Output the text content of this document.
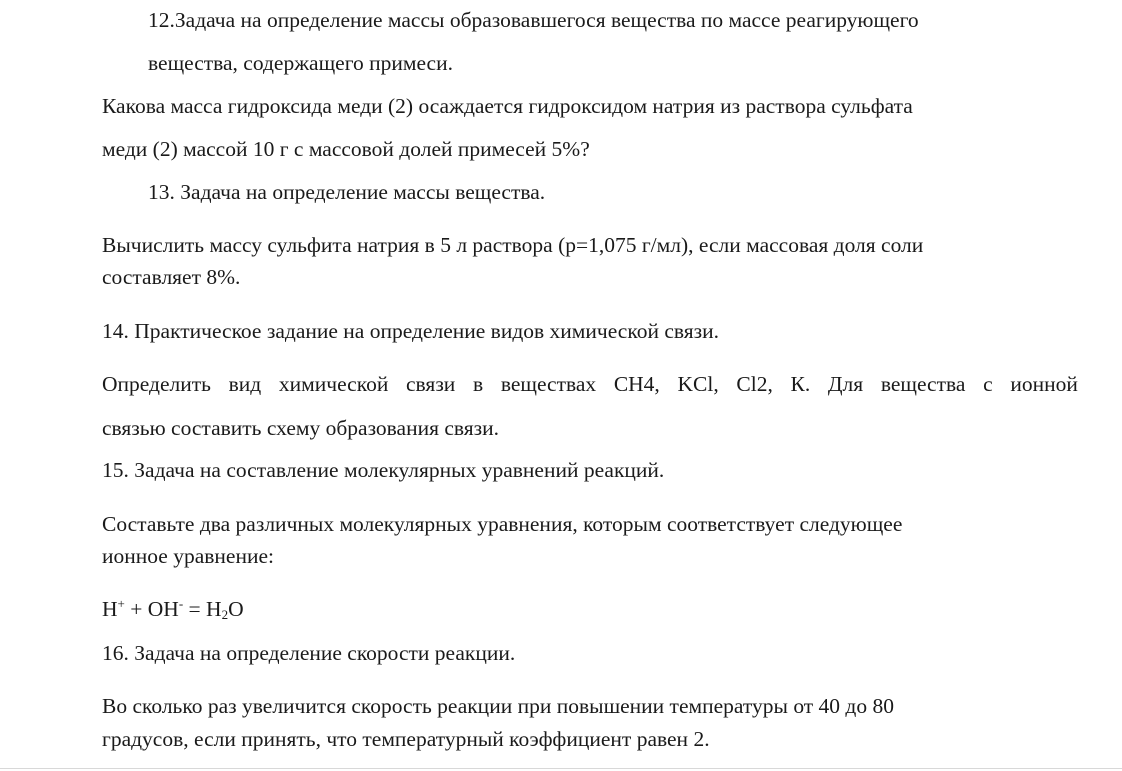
12.Задача на определение массы образовавшегося вещества по массе реагирующего

вещества, содержащего примеси.

Какова масса гидроксида меди (2) осаждается гидроксидом натрия из раствора сульфата

меди (2) массой 10 г с массовой долей примесей 5%?

13. Задача на определение массы вещества.

Вычислить массу сульфита натрия в 5 л раствора (р=1,075 г/мл), если массовая доля соли

составляет 8%.

14. Практическое задание на определение видов химической связи.

Определить вид химической связи в веществах СН4, KCl, Cl2, К. Для вещества с ионной

связью составить схему образования связи.

15. Задача на составление молекулярных уравнений реакций.

Составьте два различных молекулярных уравнения, которым соответствует следующее

ионное уравнение:

$H^+ + OH^- = H_2O$

16. Задача на определение скорости реакции.

Во сколько раз увеличится скорость реакции при повышении температуры от 40 до 80

градусов, если принять, что температурный коэффициент равен 2.
